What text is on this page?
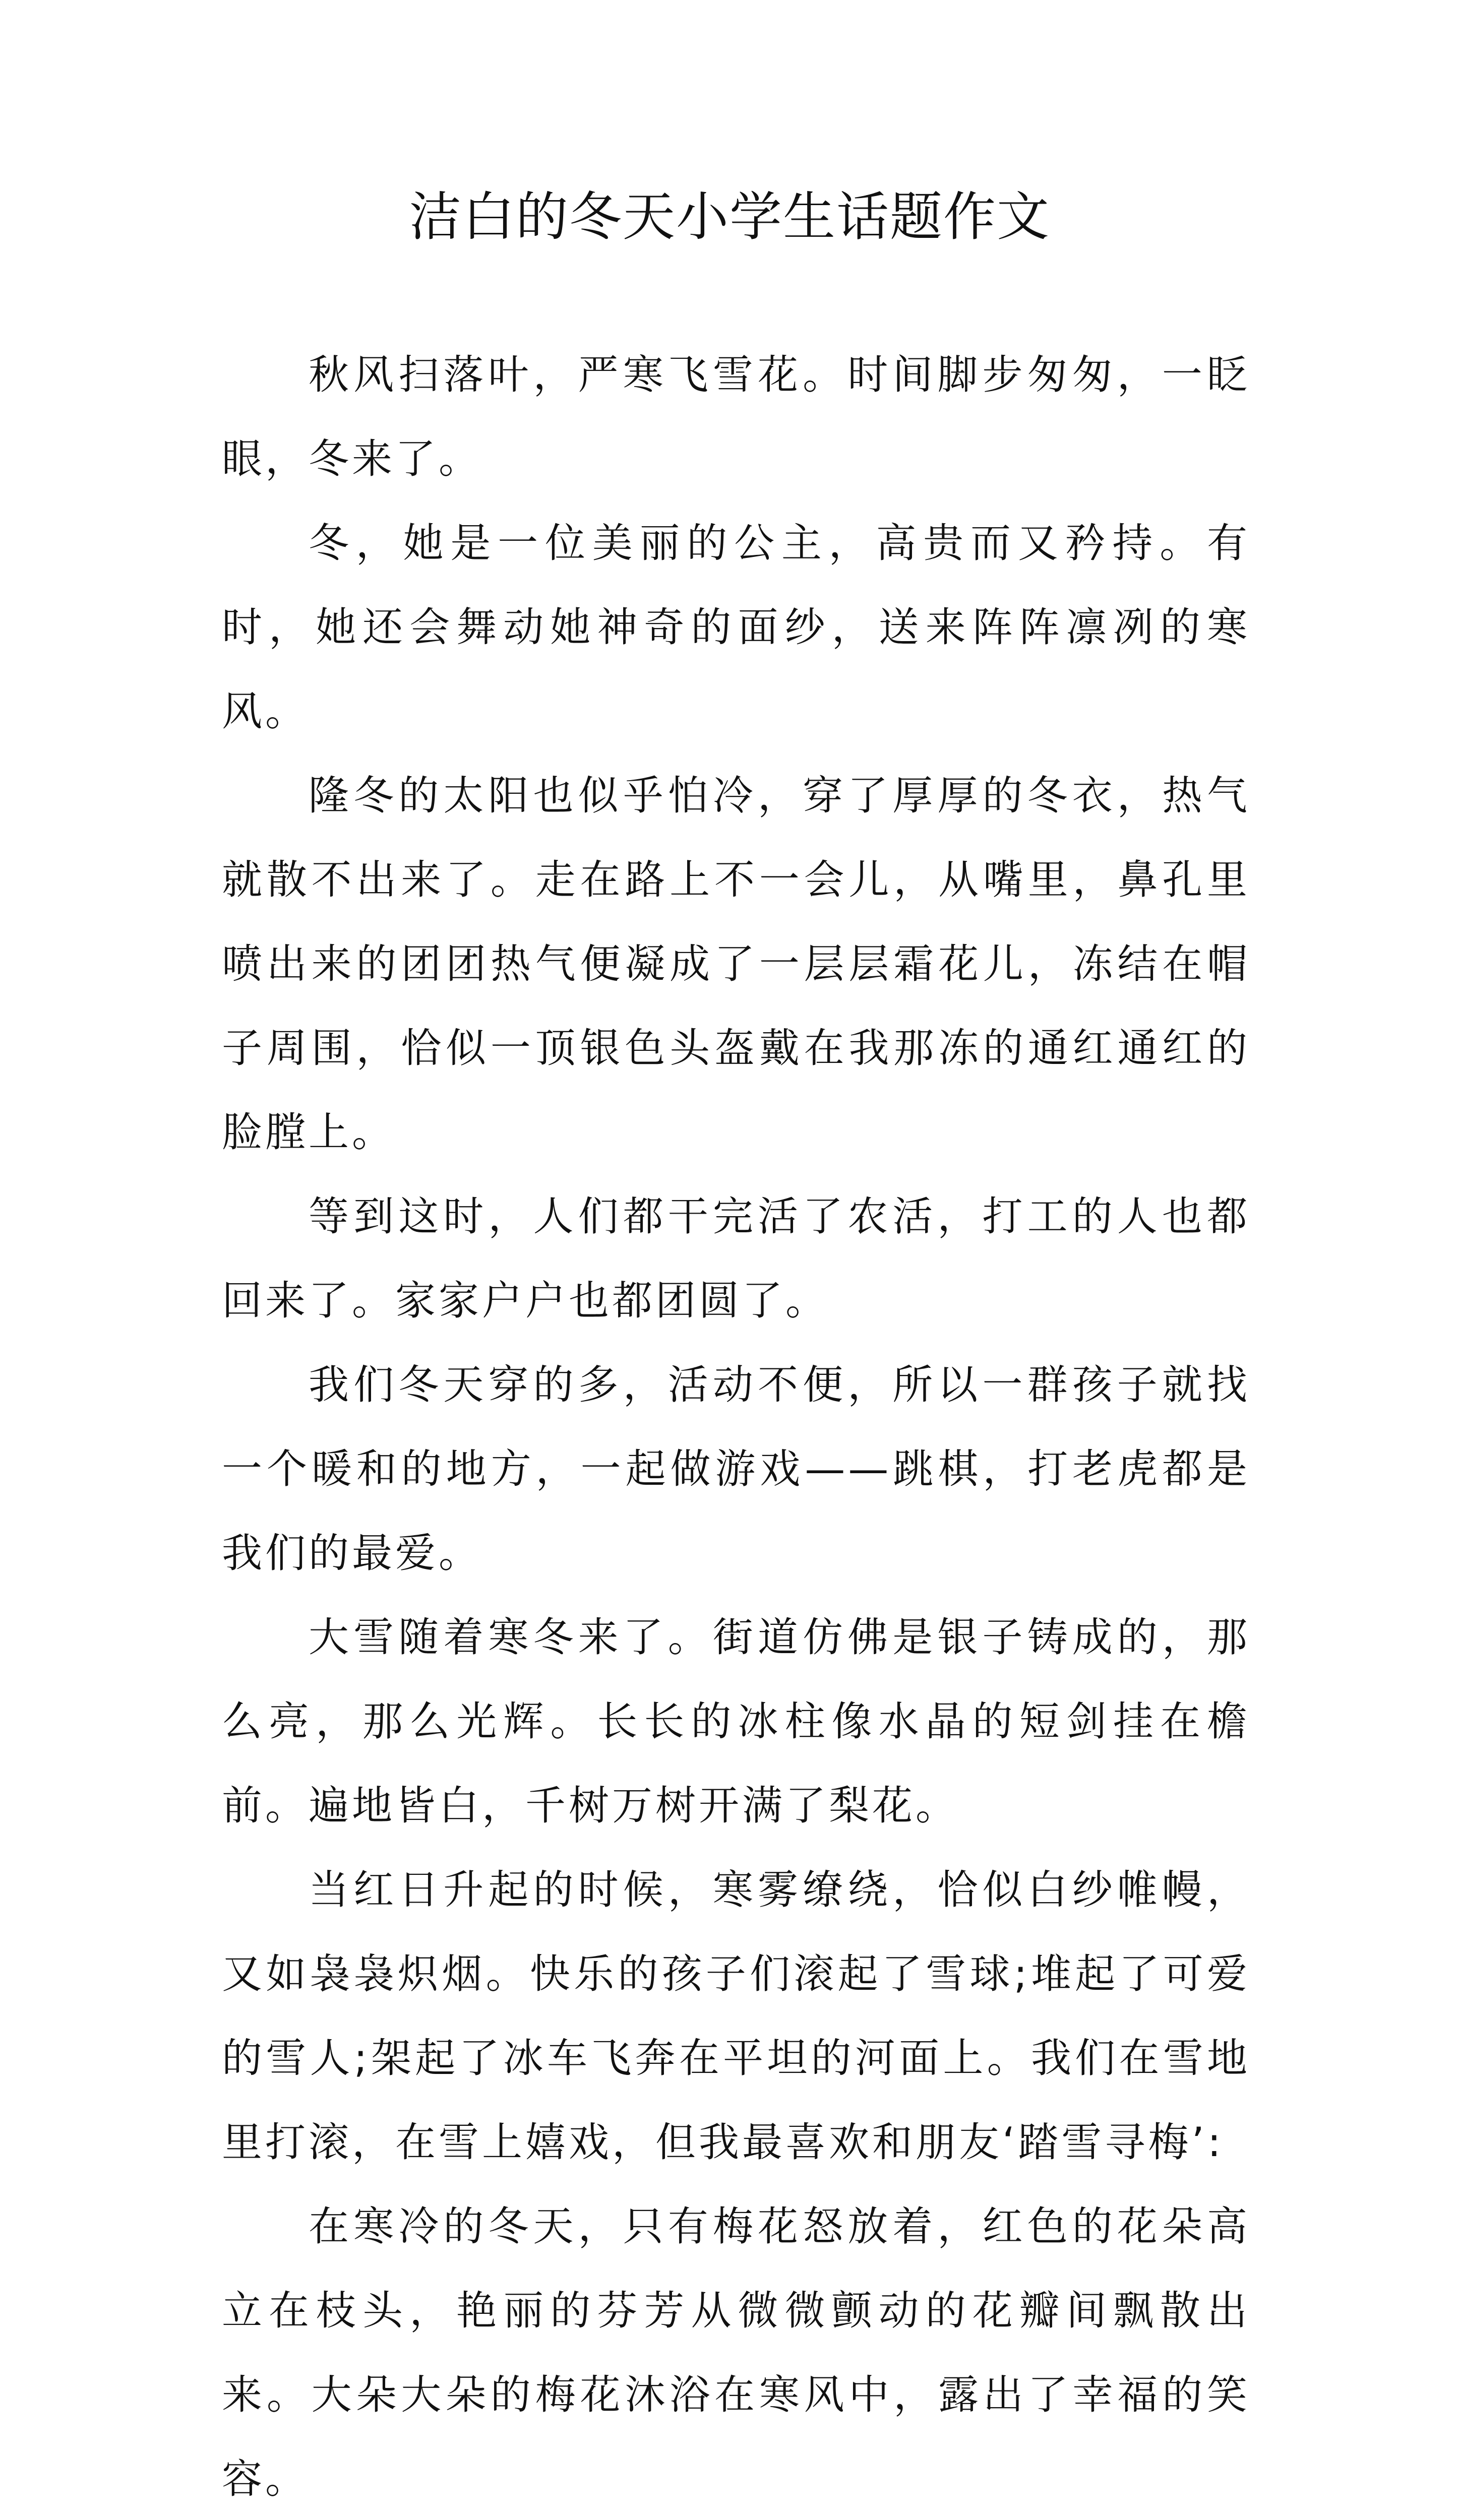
洁白的冬天小学生话题作文

秋风扫落叶，严寒飞雪花。时间脚步匆匆，一眨眼，冬来了。

冬，她是一位美丽的公主，高贵而又矜持。有时，她还会舞动她神奇的面纱，送来阵阵凛冽的寒风。

隆冬的太阳也似乎怕冷，穿了厚厚的冬衣，热气就散不出来了。走在路上不一会儿，从嘴里，鼻孔里喷出来的团团热气便凝成了一层层霜花儿，冻结在帽子周围，恰似一顶银色头盔戴在我那冻的通红通红的脸膛上。

等到这时，人们都干完活了农活，打工的人也都回来了。家家户户也都团圆了。

我们冬天穿的多，活动不便，所以一群孩子就找一个暖和的地方，一起做游戏——跳棋，打老虎都是我们的最爱。

大雪随着寒冬来了。街道仿佛是银子铸成的，那么亮，那么光辉。长长的冰柱像水晶的短剑挂在檐前。遍地皆白，千树万树开满了梨花。

当红日升起的时候，寒雾缭绕，恰似白纱帷幔，又如袅袅炽烟。快乐的孩子们滚起了雪球;堆起了可爱的雪人;架起了冰车飞奔在平坦的河面上。我们在雪地里打滚，在雪上嬉戏，但我最喜欢和朋友‘踏雪寻梅’:

在寒冷的冬天，只有梅花怒放着，红色的花朵高立在枝头，艳丽的芬芳从微微颤动的花瓣间飘散出来。大朵大朵的梅花沐浴在寒风中，露出了幸福的笑容。
